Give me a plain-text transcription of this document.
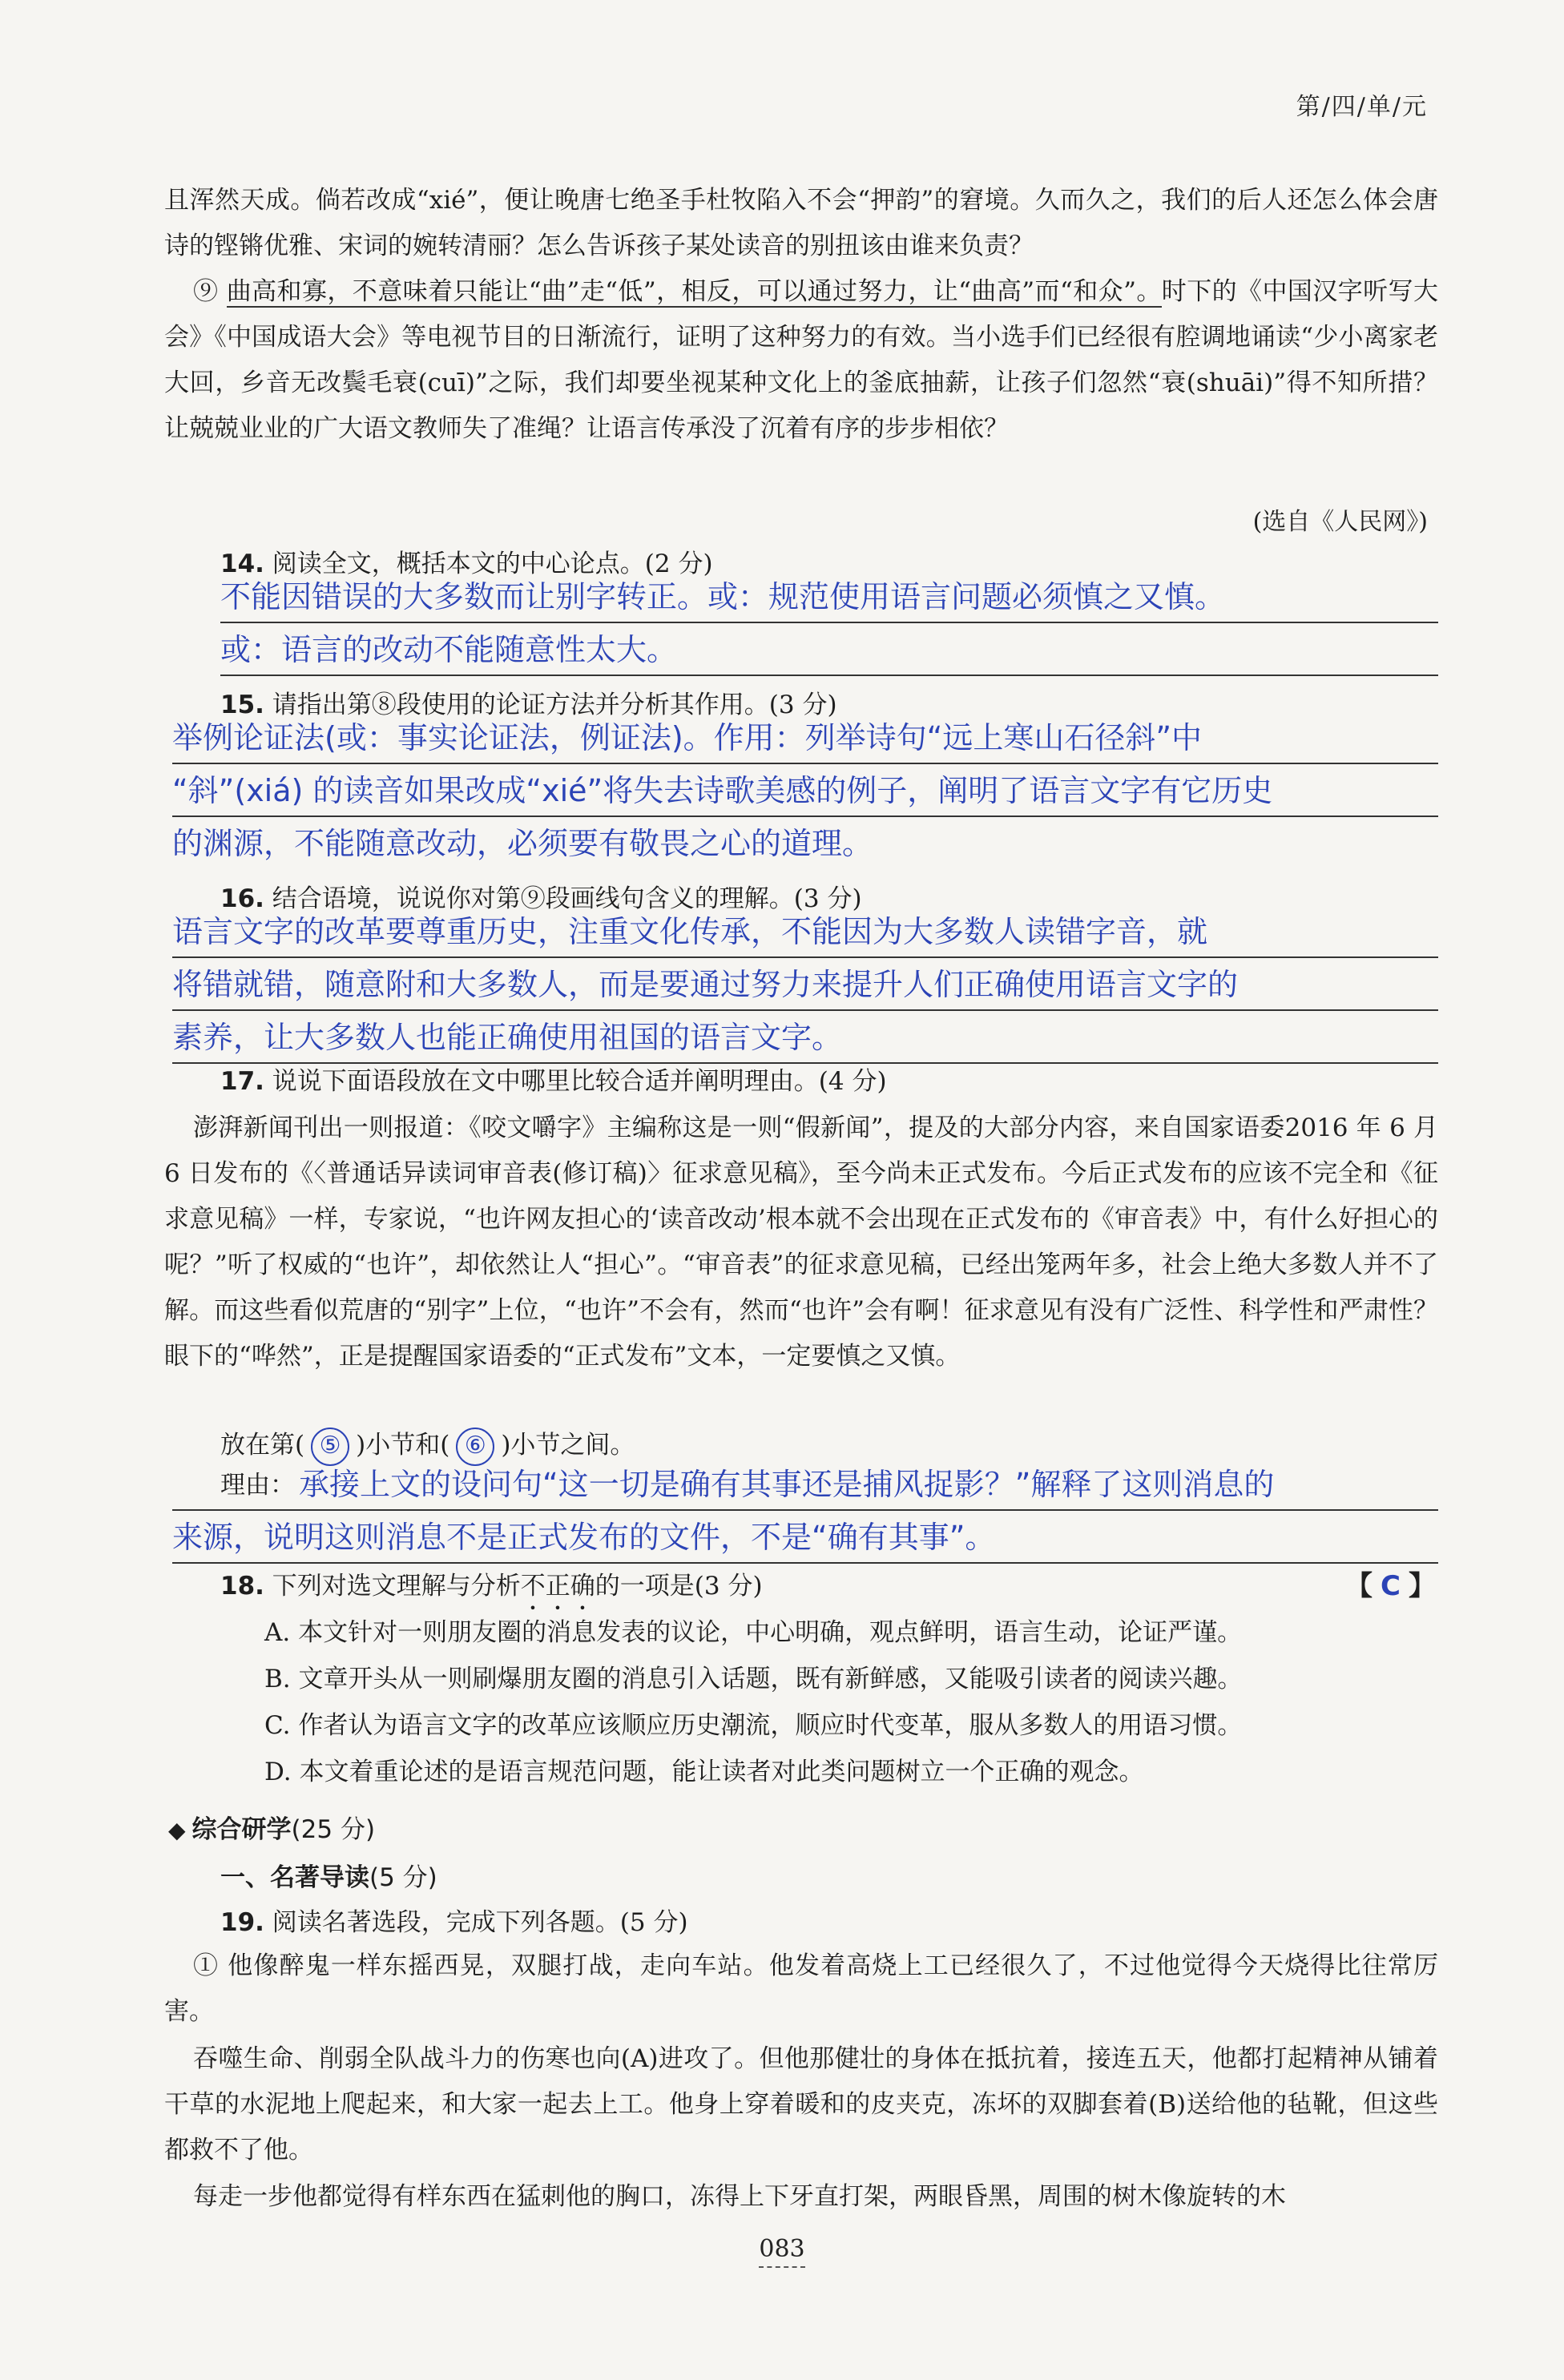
第/四/单/元

且浑然天成。倘若改成“xié”，便让晚唐七绝圣手杜牧陷入不会“押韵”的窘境。久而久之，我们的后人还怎么体会唐诗的铿锵优雅、宋词的婉转清丽？怎么告诉孩子某处读音的别扭该由谁来负责？

⑨ 曲高和寡，不意味着只能让“曲”走“低”，相反，可以通过努力，让“曲高”而“和众”。时下的《中国汉字听写大会》《中国成语大会》等电视节目的日渐流行，证明了这种努力的有效。当小选手们已经很有腔调地诵读“少小离家老大回，乡音无改鬓毛衰(cuī)”之际，我们却要坐视某种文化上的釜底抽薪，让孩子们忽然“衰(shuāi)”得不知所措？让兢兢业业的广大语文教师失了准绳？让语言传承没了沉着有序的步步相依？

(选自《人民网》)

14. 阅读全文，概括本文的中心论点。(2 分)

不能因错误的大多数而让别字转正。或：规范使用语言问题必须慎之又慎。
或：语言的改动不能随意性太大。

15. 请指出第⑧段使用的论证方法并分析其作用。(3 分)

举例论证法(或：事实论证法，例证法)。作用：列举诗句“远上寒山石径斜”中
“斜”(xiá) 的读音如果改成“xié”将失去诗歌美感的例子，阐明了语言文字有它历史
的渊源，不能随意改动，必须要有敬畏之心的道理。

16. 结合语境，说说你对第⑨段画线句含义的理解。(3 分)

语言文字的改革要尊重历史，注重文化传承，不能因为大多数人读错字音，就
将错就错，随意附和大多数人，而是要通过努力来提升人们正确使用语言文字的
素养，让大多数人也能正确使用祖国的语言文字。

17. 说说下面语段放在文中哪里比较合适并阐明理由。(4 分)

澎湃新闻刊出一则报道：《咬文嚼字》主编称这是一则“假新闻”，提及的大部分内容，来自国家语委2016 年 6 月 6 日发布的《〈普通话异读词审音表(修订稿)〉征求意见稿》，至今尚未正式发布。今后正式发布的应该不完全和《征求意见稿》一样，专家说，“也许网友担心的‘读音改动’根本就不会出现在正式发布的《审音表》中，有什么好担心的呢？”听了权威的“也许”，却依然让人“担心”。“审音表”的征求意见稿，已经出笼两年多，社会上绝大多数人并不了解。而这些看似荒唐的“别字”上位，“也许”不会有，然而“也许”会有啊！征求意见有没有广泛性、科学性和严肃性？眼下的“哗然”，正是提醒国家语委的“正式发布”文本，一定要慎之又慎。

放在第( ⑤ )小节和( ⑥ )小节之间。

理由： 承接上文的设问句“这一切是确有其事还是捕风捉影？”解释了这则消息的
来源，说明这则消息不是正式发布的文件，不是“确有其事”。

18. 下列对选文理解与分析不正确的一项是(3 分)	【 C 】

A. 本文针对一则朋友圈的消息发表的议论，中心明确，观点鲜明，语言生动，论证严谨。

B. 文章开头从一则刷爆朋友圈的消息引入话题，既有新鲜感，又能吸引读者的阅读兴趣。

C. 作者认为语言文字的改革应该顺应历史潮流，顺应时代变革，服从多数人的用语习惯。

D. 本文着重论述的是语言规范问题，能让读者对此类问题树立一个正确的观念。

◆ 综合研学(25 分)
一、名著导读(5 分)

19. 阅读名著选段，完成下列各题。(5 分)

① 他像醉鬼一样东摇西晃，双腿打战，走向车站。他发着高烧上工已经很久了，不过他觉得今天烧得比往常厉害。

吞噬生命、削弱全队战斗力的伤寒也向(A)进攻了。但他那健壮的身体在抵抗着，接连五天，他都打起精神从铺着干草的水泥地上爬起来，和大家一起去上工。他身上穿着暖和的皮夹克，冻坏的双脚套着(B)送给他的毡靴，但这些都救不了他。

每走一步他都觉得有样东西在猛刺他的胸口，冻得上下牙直打架，两眼昏黑，周围的树木像旋转的木

083
